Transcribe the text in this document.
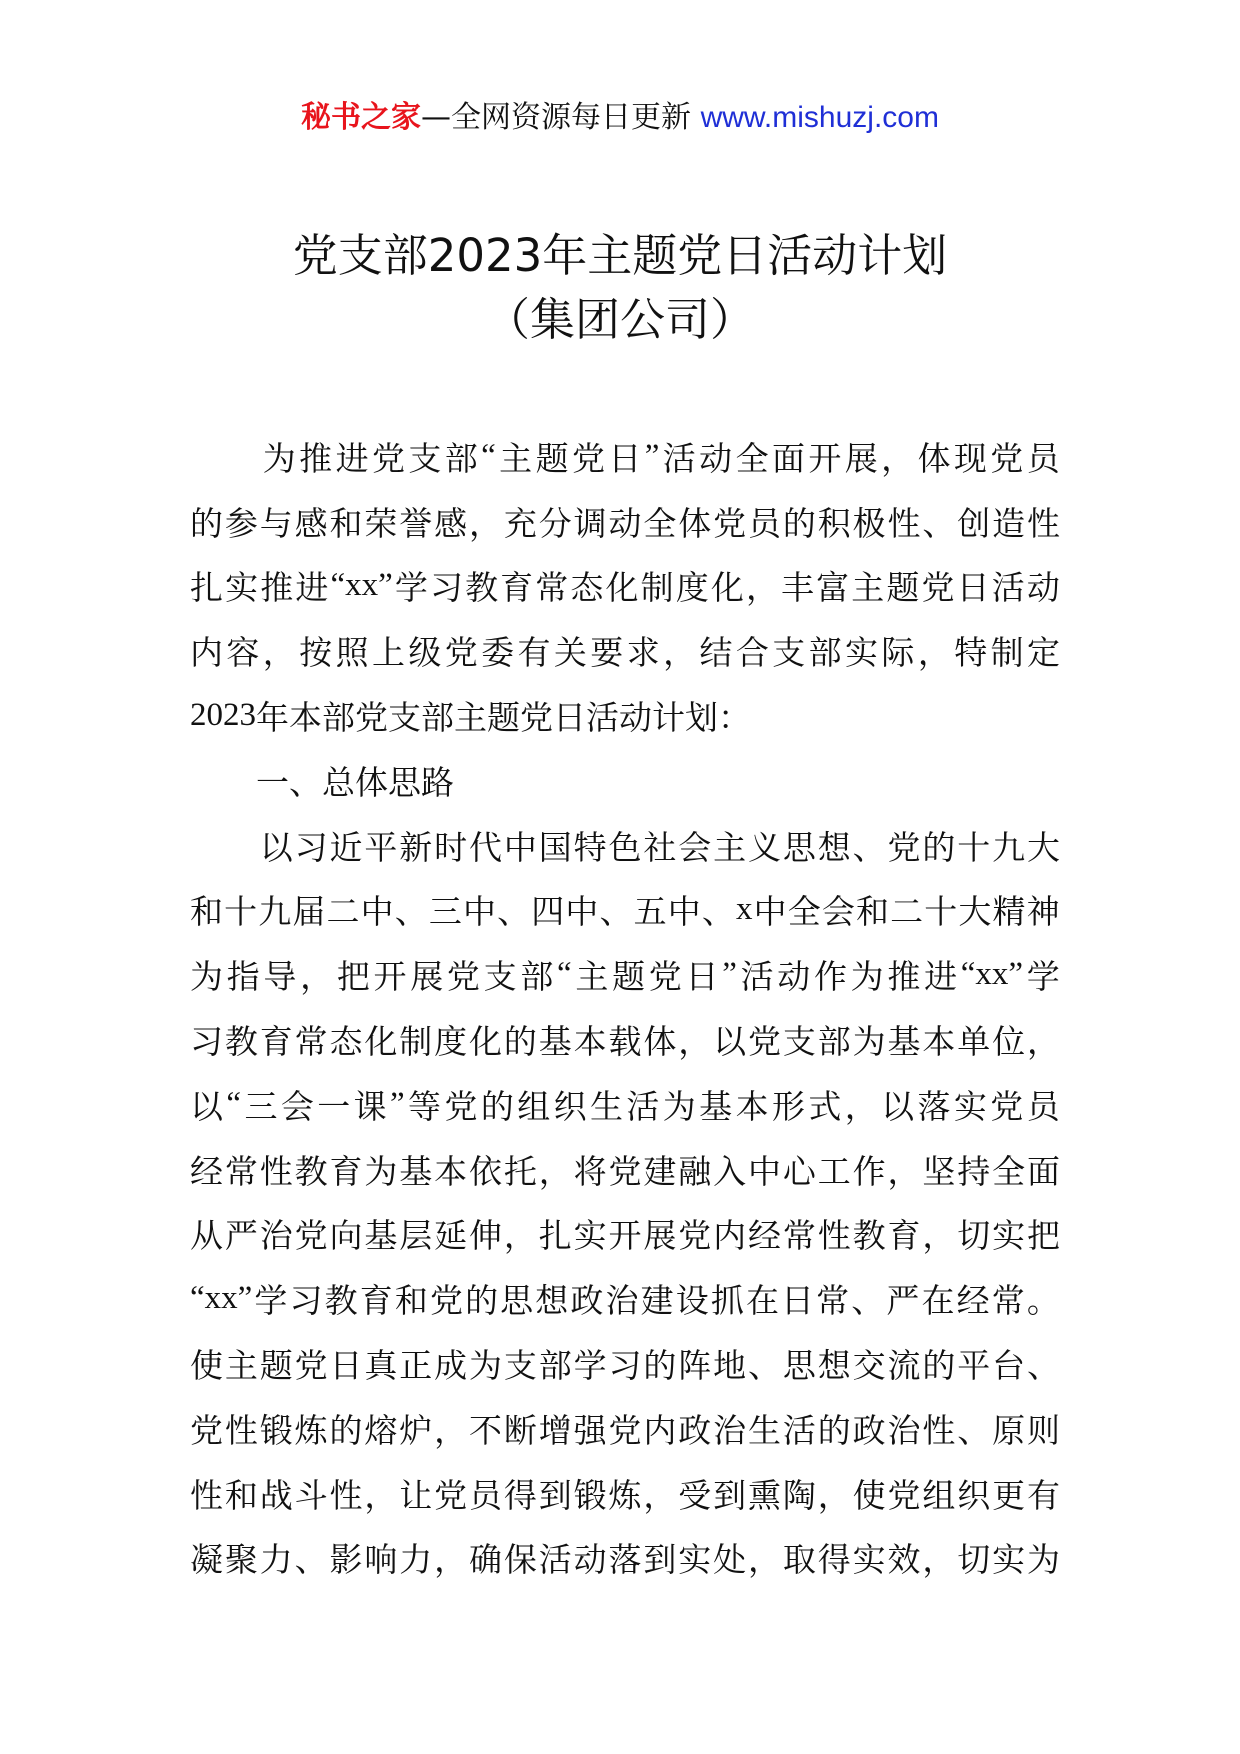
秘书之家—全网资源每日更新 www.mishuzj.com
党支部2023年主题党日活动计划
（集团公司）

为 推 进 党 支 部 “ 主 题 党 日 ” 活 动 全 面 开 展 ， 体 现 党 员
的 参 与 感 和 荣 誉 感 ， 充 分 调 动 全 体 党 员 的 积 极 性 、 创 造 性
扎 实 推 进 “xx” 学 习 教 育 常 态 化 制 度 化 ， 丰 富 主 题 党 日 活 动
内 容 ， 按 照 上 级 党 委 有 关 要 求 ， 结 合 支 部 实 际 ， 特 制 定
2023 年 本 部 党 支 部 主 题 党 日 活 动 计 划 ：

一 、 总 体 思 路

以 习 近 平 新 时 代 中 国 特 色 社 会 主 义 思 想 、 党 的 十 九 大
和 十 九 届 二 中 、 三 中 、 四 中 、 五 中 、 x 中 全 会 和 二 十 大 精 神
为 指 导 ， 把 开 展 党 支 部 “ 主 题 党 日 ” 活 动 作 为 推 进 “xx” 学
习 教 育 常 态 化 制 度 化 的 基 本 载 体 ， 以 党 支 部 为 基 本 单 位 ，
以 “ 三 会 一 课 ” 等 党 的 组 织 生 活 为 基 本 形 式 ， 以 落 实 党 员
经 常 性 教 育 为 基 本 依 托 ， 将 党 建 融 入 中 心 工 作 ， 坚 持 全 面
从 严 治 党 向 基 层 延 伸 ， 扎 实 开 展 党 内 经 常 性 教 育 ， 切 实 把
“xx” 学 习 教 育 和 党 的 思 想 政 治 建 设 抓 在 日 常 、 严 在 经 常 。
使 主 题 党 日 真 正 成 为 支 部 学 习 的 阵 地 、 思 想 交 流 的 平 台 、
党 性 锻 炼 的 熔 炉 ， 不 断 增 强 党 内 政 治 生 活 的 政 治 性 、 原 则
性 和 战 斗 性 ， 让 党 员 得 到 锻 炼 ， 受 到 熏 陶 ， 使 党 组 织 更 有
凝 聚 力 、 影 响 力 ， 确 保 活 动 落 到 实 处 ， 取 得 实 效 ， 切 实 为
